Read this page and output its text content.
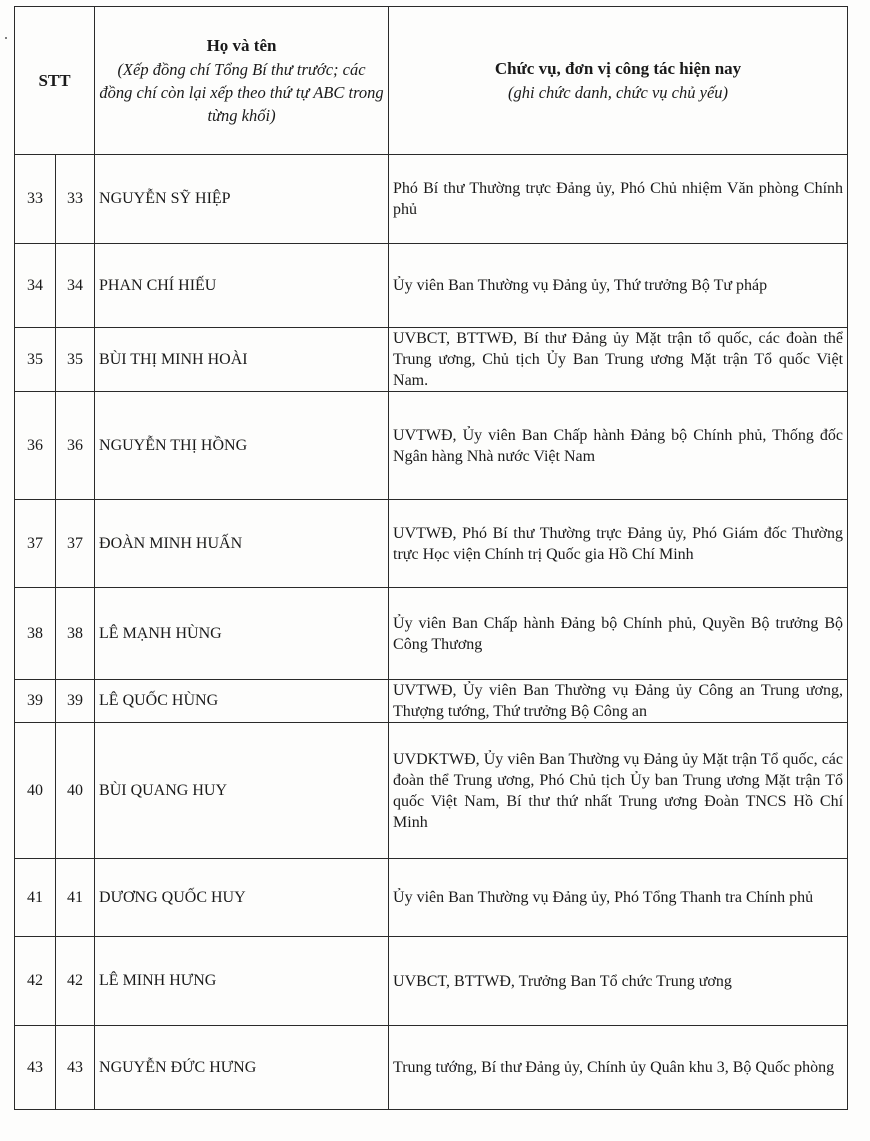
STT		Họ và tên
(Xếp đồng chí Tổng Bí thư trước; các đồng chí còn lại xếp theo thứ tự ABC trong từng khối)	Chức vụ, đơn vị công tác hiện nay
(ghi chức danh, chức vụ chủ yếu)

33	33	NGUYỄN SỸ HIỆP	Phó Bí thư Thường trực Đảng ủy, Phó Chủ nhiệm Văn phòng Chính phủ
34	34	PHAN CHÍ HIẾU	Ủy viên Ban Thường vụ Đảng ủy, Thứ trưởng Bộ Tư pháp
35	35	BÙI THỊ MINH HOÀI	UVBCT, BTTWĐ, Bí thư Đảng ủy Mặt trận tổ quốc, các đoàn thể Trung ương, Chủ tịch Ủy Ban Trung ương Mặt trận Tổ quốc Việt Nam.
36	36	NGUYỄN THỊ HỒNG	UVTWĐ, Ủy viên Ban Chấp hành Đảng bộ Chính phủ, Thống đốc Ngân hàng Nhà nước Việt Nam
37	37	ĐOÀN MINH HUẤN	UVTWĐ, Phó Bí thư Thường trực Đảng ủy, Phó Giám đốc Thường trực Học viện Chính trị Quốc gia Hồ Chí Minh
38	38	LÊ MẠNH HÙNG	Ủy viên Ban Chấp hành Đảng bộ Chính phủ, Quyền Bộ trưởng Bộ Công Thương
39	39	LÊ QUỐC HÙNG	UVTWĐ, Ủy viên Ban Thường vụ Đảng ủy Công an Trung ương, Thượng tướng, Thứ trưởng Bộ Công an
40	40	BÙI QUANG HUY	UVDKTWĐ, Ủy viên Ban Thường vụ Đảng ủy Mặt trận Tổ quốc, các đoàn thể Trung ương, Phó Chủ tịch Ủy ban Trung ương Mặt trận Tổ quốc Việt Nam, Bí thư thứ nhất Trung ương Đoàn TNCS Hồ Chí Minh
41	41	DƯƠNG QUỐC HUY	Ủy viên Ban Thường vụ Đảng ủy, Phó Tổng Thanh tra Chính phủ
42	42	LÊ MINH HƯNG	UVBCT, BTTWĐ, Trưởng Ban Tổ chức Trung ương
43	43	NGUYỄN ĐỨC HƯNG	Trung tướng, Bí thư Đảng ủy, Chính ủy Quân khu 3, Bộ Quốc phòng
